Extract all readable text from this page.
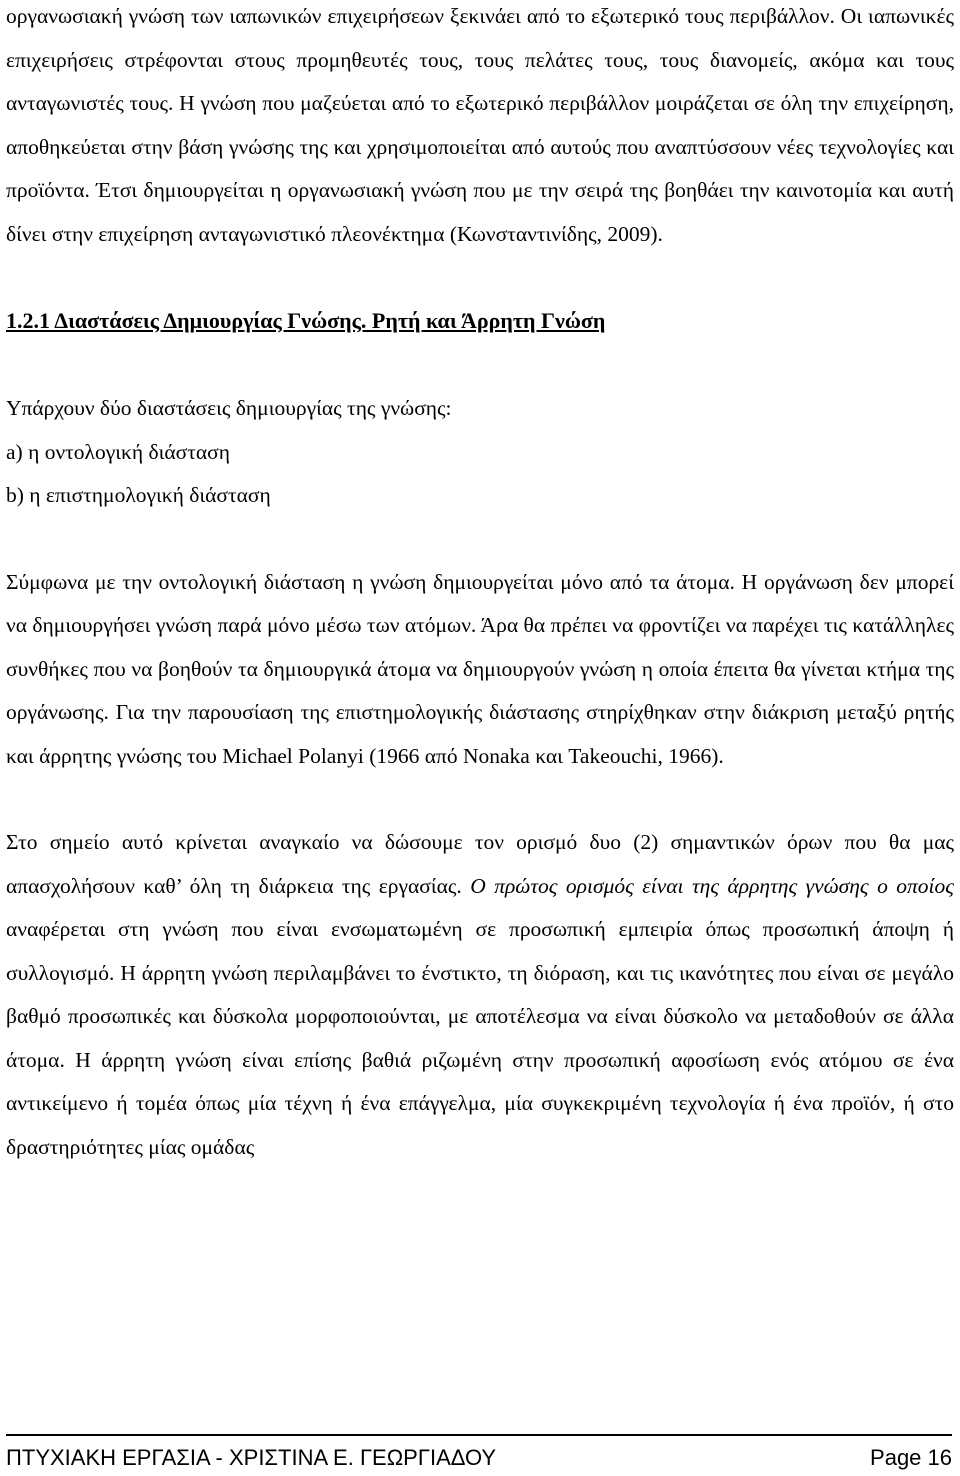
οργανωσιακή γνώση των ιαπωνικών επιχειρήσεων ξεκινάει από το εξωτερικό τους περιβάλλον. Οι ιαπωνικές επιχειρήσεις στρέφονται στους προμηθευτές τους, τους πελάτες τους, τους διανομείς, ακόμα και τους ανταγωνιστές τους. Η γνώση που μαζεύεται από το εξωτερικό περιβάλλον μοιράζεται σε όλη την επιχείρηση, αποθηκεύεται στην βάση γνώσης της και χρησιμοποιείται από αυτούς που αναπτύσσουν νέες τεχνολογίες και προϊόντα. Έτσι δημιουργείται η οργανωσιακή γνώση που με την σειρά της βοηθάει την καινοτομία και αυτή δίνει στην επιχείρηση ανταγωνιστικό πλεονέκτημα (Κωνσταντινίδης, 2009).

1.2.1 Διαστάσεις Δημιουργίας Γνώσης. Ρητή και Άρρητη Γνώση

Υπάρχουν δύο διαστάσεις δημιουργίας της γνώσης:

a) η οντολογική διάσταση

b) η επιστημολογική διάσταση

Σύμφωνα με την οντολογική διάσταση η γνώση δημιουργείται μόνο από τα άτομα. Η οργάνωση δεν μπορεί να δημιουργήσει γνώση παρά μόνο μέσω των ατόμων. Άρα θα πρέπει να φροντίζει να παρέχει τις κατάλληλες συνθήκες που να βοηθούν τα δημιουργικά άτομα να δημιουργούν γνώση η οποία έπειτα θα γίνεται κτήμα της οργάνωσης. Για την παρουσίαση της επιστημολογικής διάστασης στηρίχθηκαν στην διάκριση μεταξύ ρητής και άρρητης γνώσης του Michael Polanyi (1966 από Nonaka και Takeouchi, 1966).

Στο σημείο αυτό κρίνεται αναγκαίο να δώσουμε τον ορισμό δυο (2) σημαντικών όρων που θα μας απασχολήσουν καθ’ όλη τη διάρκεια της εργασίας. Ο πρώτος ορισμός είναι της άρρητης γνώσης ο οποίος αναφέρεται στη γνώση που είναι ενσωματωμένη σε προσωπική εμπειρία όπως προσωπική άποψη ή συλλογισμό. Η άρρητη γνώση περιλαμβάνει το ένστικτο, τη διόραση, και τις ικανότητες που είναι σε μεγάλο βαθμό προσωπικές και δύσκολα μορφοποιούνται, με αποτέλεσμα να είναι δύσκολο να μεταδοθούν σε άλλα άτομα. Η άρρητη γνώση είναι επίσης βαθιά ριζωμένη στην προσωπική αφοσίωση ενός ατόμου σε ένα αντικείμενο ή τομέα όπως μία τέχνη ή ένα επάγγελμα, μία συγκεκριμένη τεχνολογία ή ένα προϊόν, ή στο δραστηριότητες μίας ομάδας

ΠΤΥΧΙΑΚΗ ΕΡΓΑΣΙΑ - ΧΡΙΣΤΙΝΑ Ε. ΓΕΩΡΓΙΑΔΟΥ	Page 16
